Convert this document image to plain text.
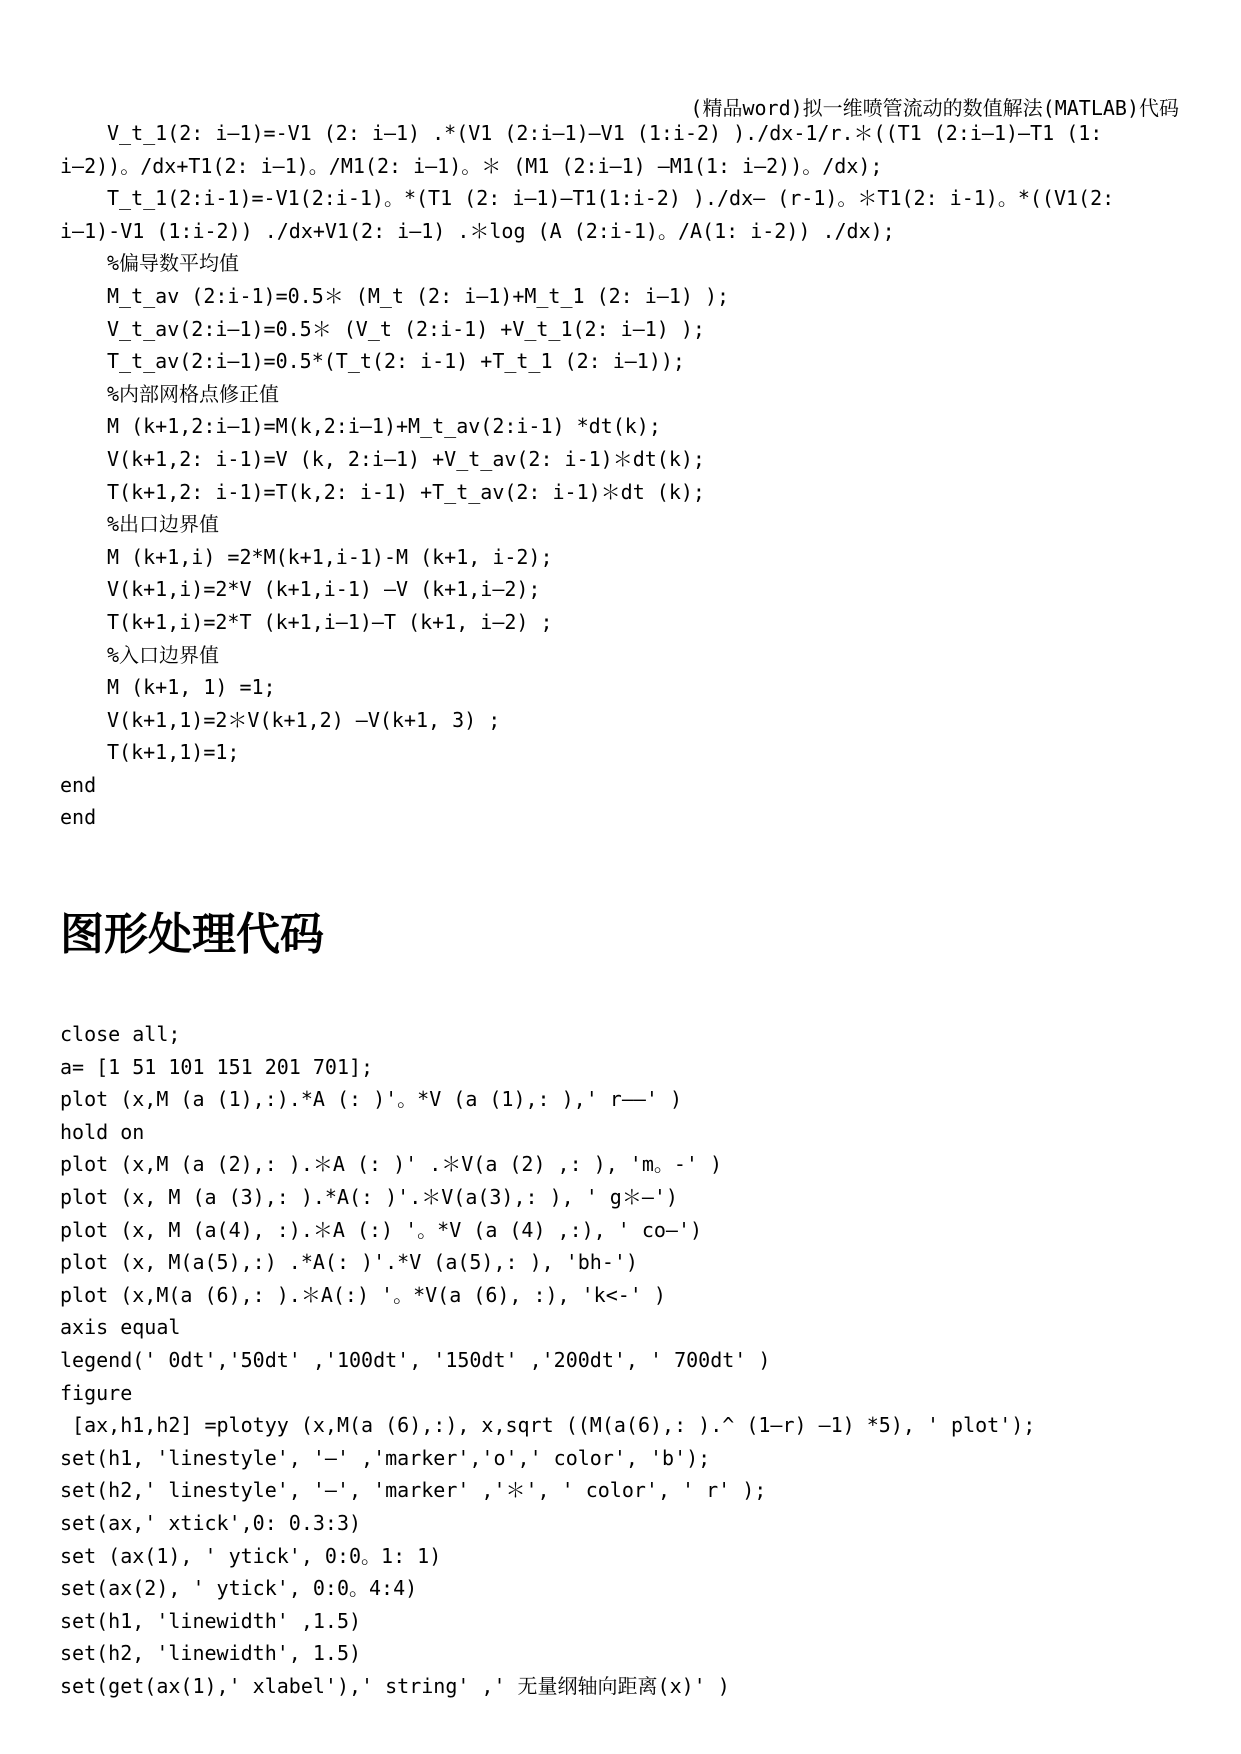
(精品word)拟一维喷管流动的数值解法(MATLAB)代码
V_t_1(2: i—1)=-V1 (2: i—1) .*(V1 (2:i—1)—V1 (1:i-2) )./dx-1/r.＊((T1 (2:i—1)—T1 (1:
i—2))。/dx+T1(2: i—1)。/M1(2: i—1)。＊ (M1 (2:i—1) —M1(1: i—2))。/dx);
T_t_1(2:i-1)=-V1(2:i-1)。*(T1 (2: i—1)—T1(1:i-2) )./dx— (r-1)。＊T1(2: i-1)。*((V1(2:
i—1)-V1 (1:i-2)) ./dx+V1(2: i—1) .＊log (A (2:i-1)。/A(1: i-2)) ./dx);
%偏导数平均值
M_t_av (2:i-1)=0.5＊ (M_t (2: i—1)+M_t_1 (2: i—1) );
V_t_av(2:i—1)=0.5＊ (V_t (2:i-1) +V_t_1(2: i—1) );
T_t_av(2:i—1)=0.5*(T_t(2: i-1) +T_t_1 (2: i—1));
%内部网格点修正值
M (k+1,2:i—1)=M(k,2:i—1)+M_t_av(2:i-1) *dt(k);
V(k+1,2: i-1)=V (k, 2:i—1) +V_t_av(2: i-1)＊dt(k);
T(k+1,2: i-1)=T(k,2: i-1) +T_t_av(2: i-1)＊dt (k);
%出口边界值
M (k+1,i) =2*M(k+1,i-1)-M (k+1, i-2);
V(k+1,i)=2*V (k+1,i-1) —V (k+1,i—2);
T(k+1,i)=2*T (k+1,i—1)—T (k+1, i—2) ;
%入口边界值
M (k+1, 1) =1;
V(k+1,1)=2＊V(k+1,2) —V(k+1, 3) ;
T(k+1,1)=1;
end
end
图形处理代码
close all;
a= [1 51 101 151 201 701];
plot (x,M (a (1),:).*A (: )'。*V (a (1),: ),' r——' )
hold on
plot (x,M (a (2),: ).＊A (: )' .＊V(a (2) ,: ), 'm。-' )
plot (x, M (a (3),: ).*A(: )'.＊V(a(3),: ), ' g＊—')
plot (x, M (a(4), :).＊A (:) '。*V (a (4) ,:), ' co—')
plot (x, M(a(5),:) .*A(: )'.*V (a(5),: ), 'bh-')
plot (x,M(a (6),: ).＊A(:) '。*V(a (6), :), 'k<-' )
axis equal
legend(' 0dt','50dt' ,'100dt', '150dt' ,'200dt', ' 700dt' )
figure
[ax,h1,h2] =plotyy (x,M(a (6),:), x,sqrt ((M(a(6),: ).^ (1—r) —1) *5), ' plot');
set(h1, 'linestyle', '—' ,'marker','o',' color', 'b');
set(h2,' linestyle', '—', 'marker' ,'＊', ' color', ' r' );
set(ax,' xtick',0: 0.3:3)
set (ax(1), ' ytick', 0:0。1: 1)
set(ax(2), ' ytick', 0:0。4:4)
set(h1, 'linewidth' ,1.5)
set(h2, 'linewidth', 1.5)
set(get(ax(1),' xlabel'),' string' ,' 无量纲轴向距离(x)' )
